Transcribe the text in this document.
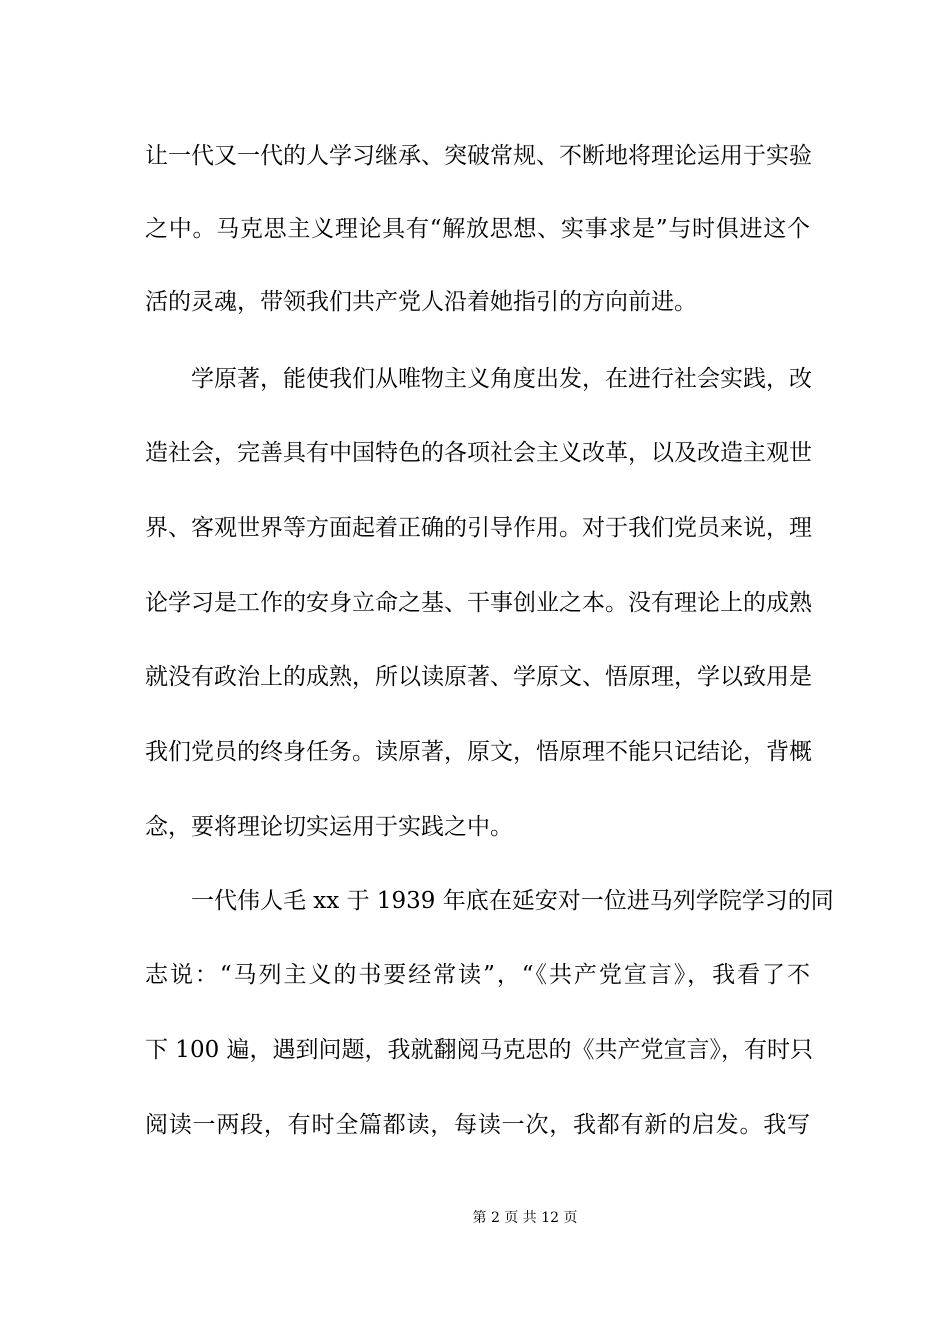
让一代又一代的人学习继承、突破常规、不断地将理论运用于实验
之中。马克思主义理论具有“解放思想、实事求是”与时俱进这个
活的灵魂，带领我们共产党人沿着她指引的方向前进。
学原著，能使我们从唯物主义角度出发，在进行社会实践，改
造社会，完善具有中国特色的各项社会主义改革，以及改造主观世
界、客观世界等方面起着正确的引导作用。对于我们党员来说，理
论学习是工作的安身立命之基、干事创业之本。没有理论上的成熟
就没有政治上的成熟，所以读原著、学原文、悟原理，学以致用是
我们党员的终身任务。读原著，原文，悟原理不能只记结论，背概
念，要将理论切实运用于实践之中。
一代伟人毛 xx 于 1939 年底在延安对一位进马列学院学习的同
志说：“马列主义的书要经常读”，“《共产党宣言》，我看了不
下 100 遍，遇到问题，我就翻阅马克思的《共产党宣言》，有时只
阅读一两段，有时全篇都读，每读一次，我都有新的启发。我写
第 2 页 共 12 页
